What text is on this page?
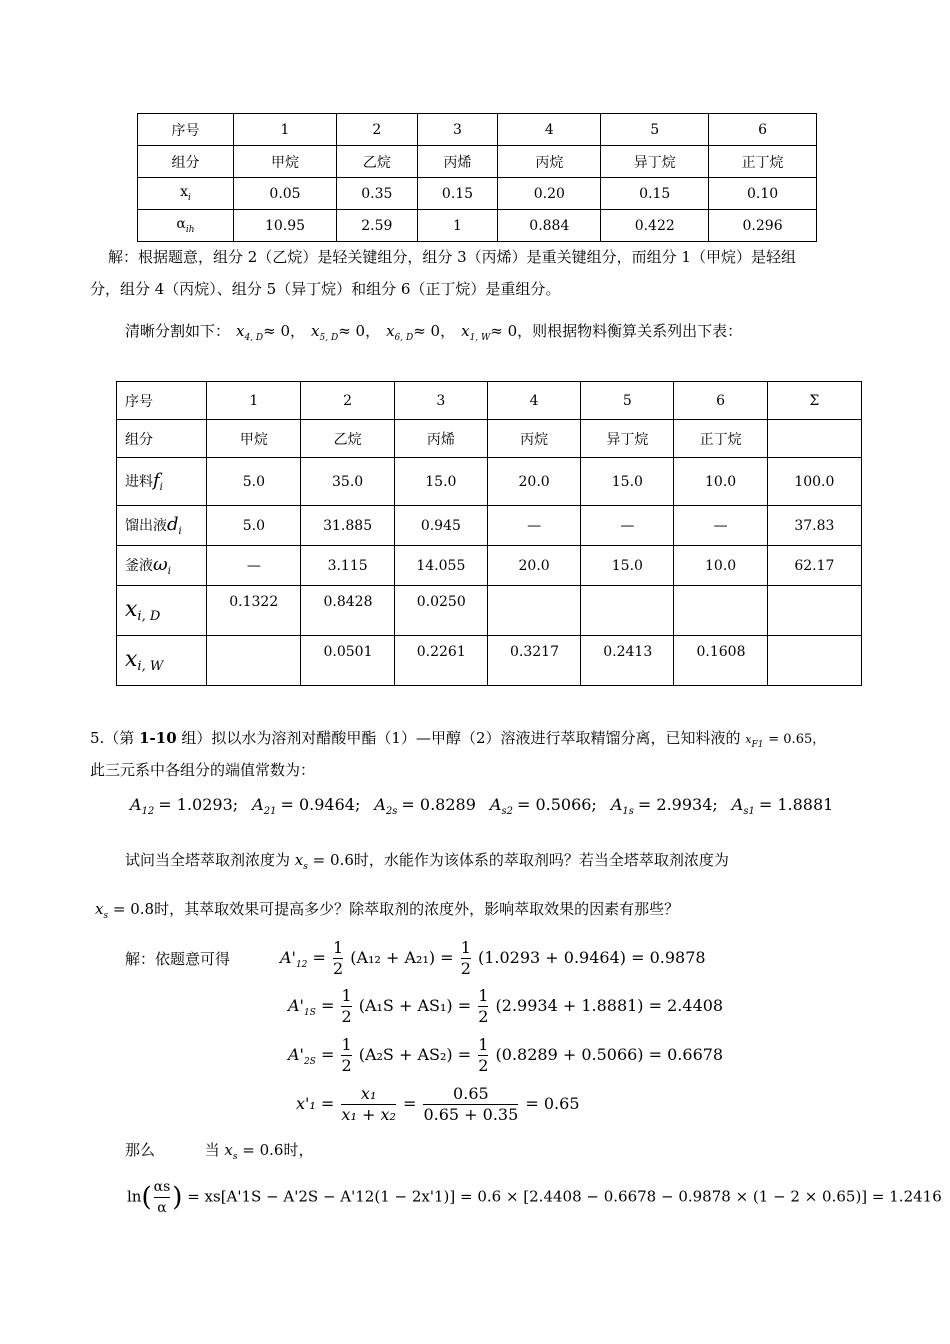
序号	1	2	3	4	5	6
组分	甲烷	乙烷	丙烯	丙烷	异丁烷	正丁烷
$x_i$	0.05	0.35	0.15	0.20	0.15	0.10
$\alpha_{ih}$	10.95	2.59	1	0.884	0.422	0.296
解：根据题意，组分 2（乙烷）是轻关键组分，组分 3（丙烯）是重关键组分，而组分 1（甲烷）是轻组
分，组分 4（丙烷）、组分 5（异丁烷）和组分 6（正丁烷）是重组分。
清晰分割如下： $x_{4, D}\approx 0$， $x_{5, D}\approx 0$， $x_{6, D}\approx 0$， $x_{1, W}\approx 0$，则根据物料衡算关系列出下表：
序号	1	2	3	4	5	6	Σ
组分	甲烷	乙烷	丙烯	丙烷	异丁烷	正丁烷	
进料$f_i$	5.0	35.0	15.0	20.0	15.0	10.0	100.0
馏出液$d_i$	5.0	31.885	0.945	—	—	—	37.83
釜液$\omega_i$	—	3.115	14.055	20.0	15.0	10.0	62.17
xi, D	0.1322	0.8428	0.0250				
xi, W		0.0501	0.2261	0.3217	0.2413	0.1608	
5.（第 1-10 组）拟以水为溶剂对醋酸甲酯（1）—甲醇（2）溶液进行萃取精馏分离，已知料液的 $x_{F1} = 0.65$，
此三元系中各组分的端值常数为：
$A_{12} = 1.0293$; $A_{21} = 0.9464$; $A_{2s} = 0.8289$ $A_{s2} = 0.5066$; $A_{1s} = 2.9934$; $A_{s1} = 1.8881$
试问当全塔萃取剂浓度为 $x_s = 0.6$时，水能作为该体系的萃取剂吗？若当全塔萃取剂浓度为
$x_s = 0.8$时，其萃取效果可提高多少？除萃取剂的浓度外，影响萃取效果的因素有那些？
解：依题意可得	$A'_{12} = \frac{1}{2} (A_{12} + A_{21}) = \frac{1}{2} (1.0293 + 0.9464) = 0.9878$
$A'_{1S} = \frac{1}{2} (A_1S + AS_1) = \frac{1}{2} (2.9934 + 1.8881) = 2.4408$
$A'_{2S} = \frac{1}{2} (A_2S + AS_2) = \frac{1}{2} (0.8289 + 0.5066) = 0.6678$
$x'_1 = \frac{\text{x₁}}{\text{x₁ + x₂}} = \frac{0.65}{0.65 + 0.35} = 0.65$
那么	当 $x_s = 0.6$时，
$\ln( \frac{\alpha s}{\alpha}$ ) = xs[A'1S − A'2S − A'12(1 − 2x'1)] = 0.6 × [2.4408 − 0.6678 − 0.9878 × (1 − 2 × 0.65)] = 1.2416
